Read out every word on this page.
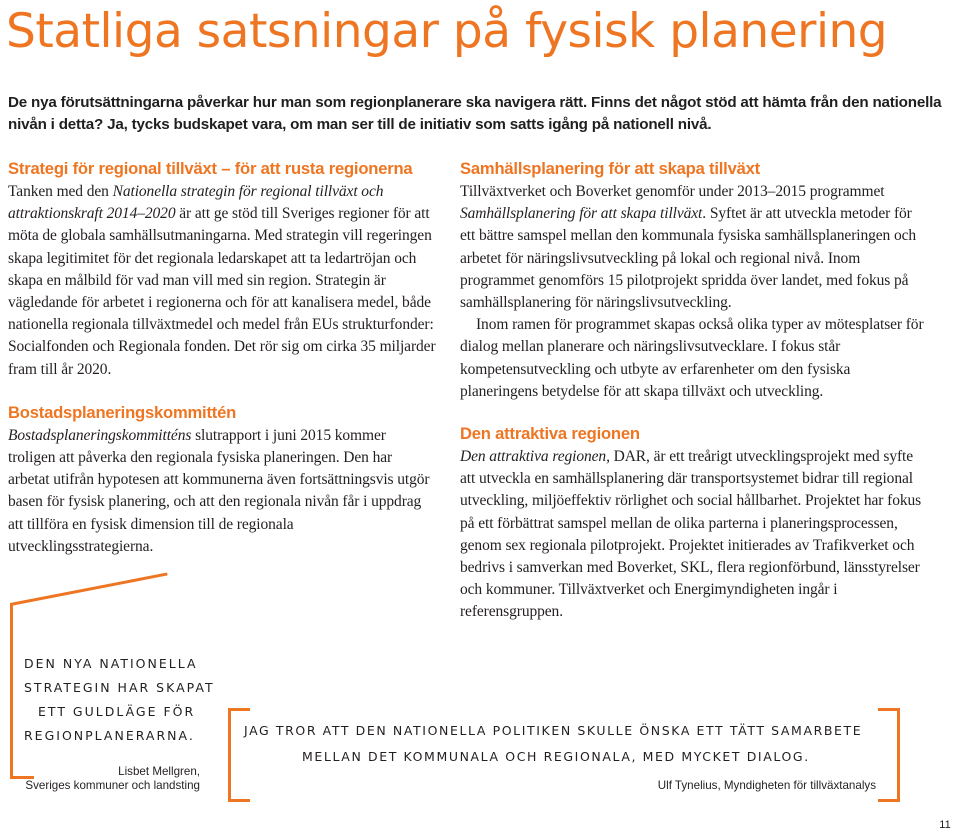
Statliga satsningar på fysisk planering

De nya förutsättningarna påverkar hur man som regionplanerare ska navigera rätt. Finns det något stöd att hämta från den nationella nivån i detta? Ja, tycks budskapet vara, om man ser till de initiativ som satts igång på nationell nivå.

Strategi för regional tillväxt – för att rusta regionerna

Tanken med den Nationella strategin för regional tillväxt och attraktionskraft 2014–2020 är att ge stöd till Sveriges regioner för att möta de globala samhällsutmaningarna. Med strategin vill regeringen skapa legitimitet för det regionala ledarskapet att ta ledartröjan och skapa en målbild för vad man vill med sin region. Strategin är vägledande för arbetet i regionerna och för att kanalisera medel, både nationella regionala tillväxtmedel och medel från EUs strukturfonder: Socialfonden och Regionala fonden. Det rör sig om cirka 35 miljarder fram till år 2020.

Bostadsplaneringskommittén

Bostadsplaneringskommitténs slutrapport i juni 2015 kommer troligen att påverka den regionala fysiska planeringen. Den har arbetat utifrån hypotesen att kommunerna även fortsättningsvis utgör basen för fysisk planering, och att den regionala nivån får i uppdrag att tillföra en fysisk dimension till de regionala utvecklingsstrategierna.

Samhällsplanering för att skapa tillväxt

Tillväxtverket och Boverket genomför under 2013–2015 programmet Samhällsplanering för att skapa tillväxt. Syftet är att utveckla metoder för ett bättre samspel mellan den kommunala fysiska samhällsplaneringen och arbetet för näringslivsutveckling på lokal och regional nivå. Inom programmet genomförs 15 pilotprojekt spridda över landet, med fokus på samhällsplanering för näringslivsutveckling.

Inom ramen för programmet skapas också olika typer av mötesplatser för dialog mellan planerare och näringslivsutvecklare. I fokus står kompetensutveckling och utbyte av erfarenheter om den fysiska planeringens betydelse för att skapa tillväxt och utveckling.

Den attraktiva regionen

Den attraktiva regionen, DAR, är ett treårigt utvecklingsprojekt med syfte att utveckla en samhällsplanering där transportsystemet bidrar till regional utveckling, miljöeffektiv rörlighet och social hållbarhet. Projektet har fokus på ett förbättrat samspel mellan de olika parterna i planeringsprocessen, genom sex regionala pilotprojekt. Projektet initierades av Trafikverket och bedrivs i samverkan med Boverket, SKL, flera regionförbund, länsstyrelser och kommuner. Tillväxtverket och Energimyndigheten ingår i referensgruppen.

DEN NYA NATIONELLA
STRATEGIN HAR SKAPAT
ETT GULDLÄGE FÖR
REGIONPLANERARNA.

Lisbet Mellgren,
Sveriges kommuner och landsting

JAG TROR ATT DEN NATIONELLA POLITIKEN SKULLE ÖNSKA ETT TÄTT SAMARBETE
MELLAN DET KOMMUNALA OCH REGIONALA, MED MYCKET DIALOG.

Ulf Tynelius, Myndigheten för tillväxtanalys
11
